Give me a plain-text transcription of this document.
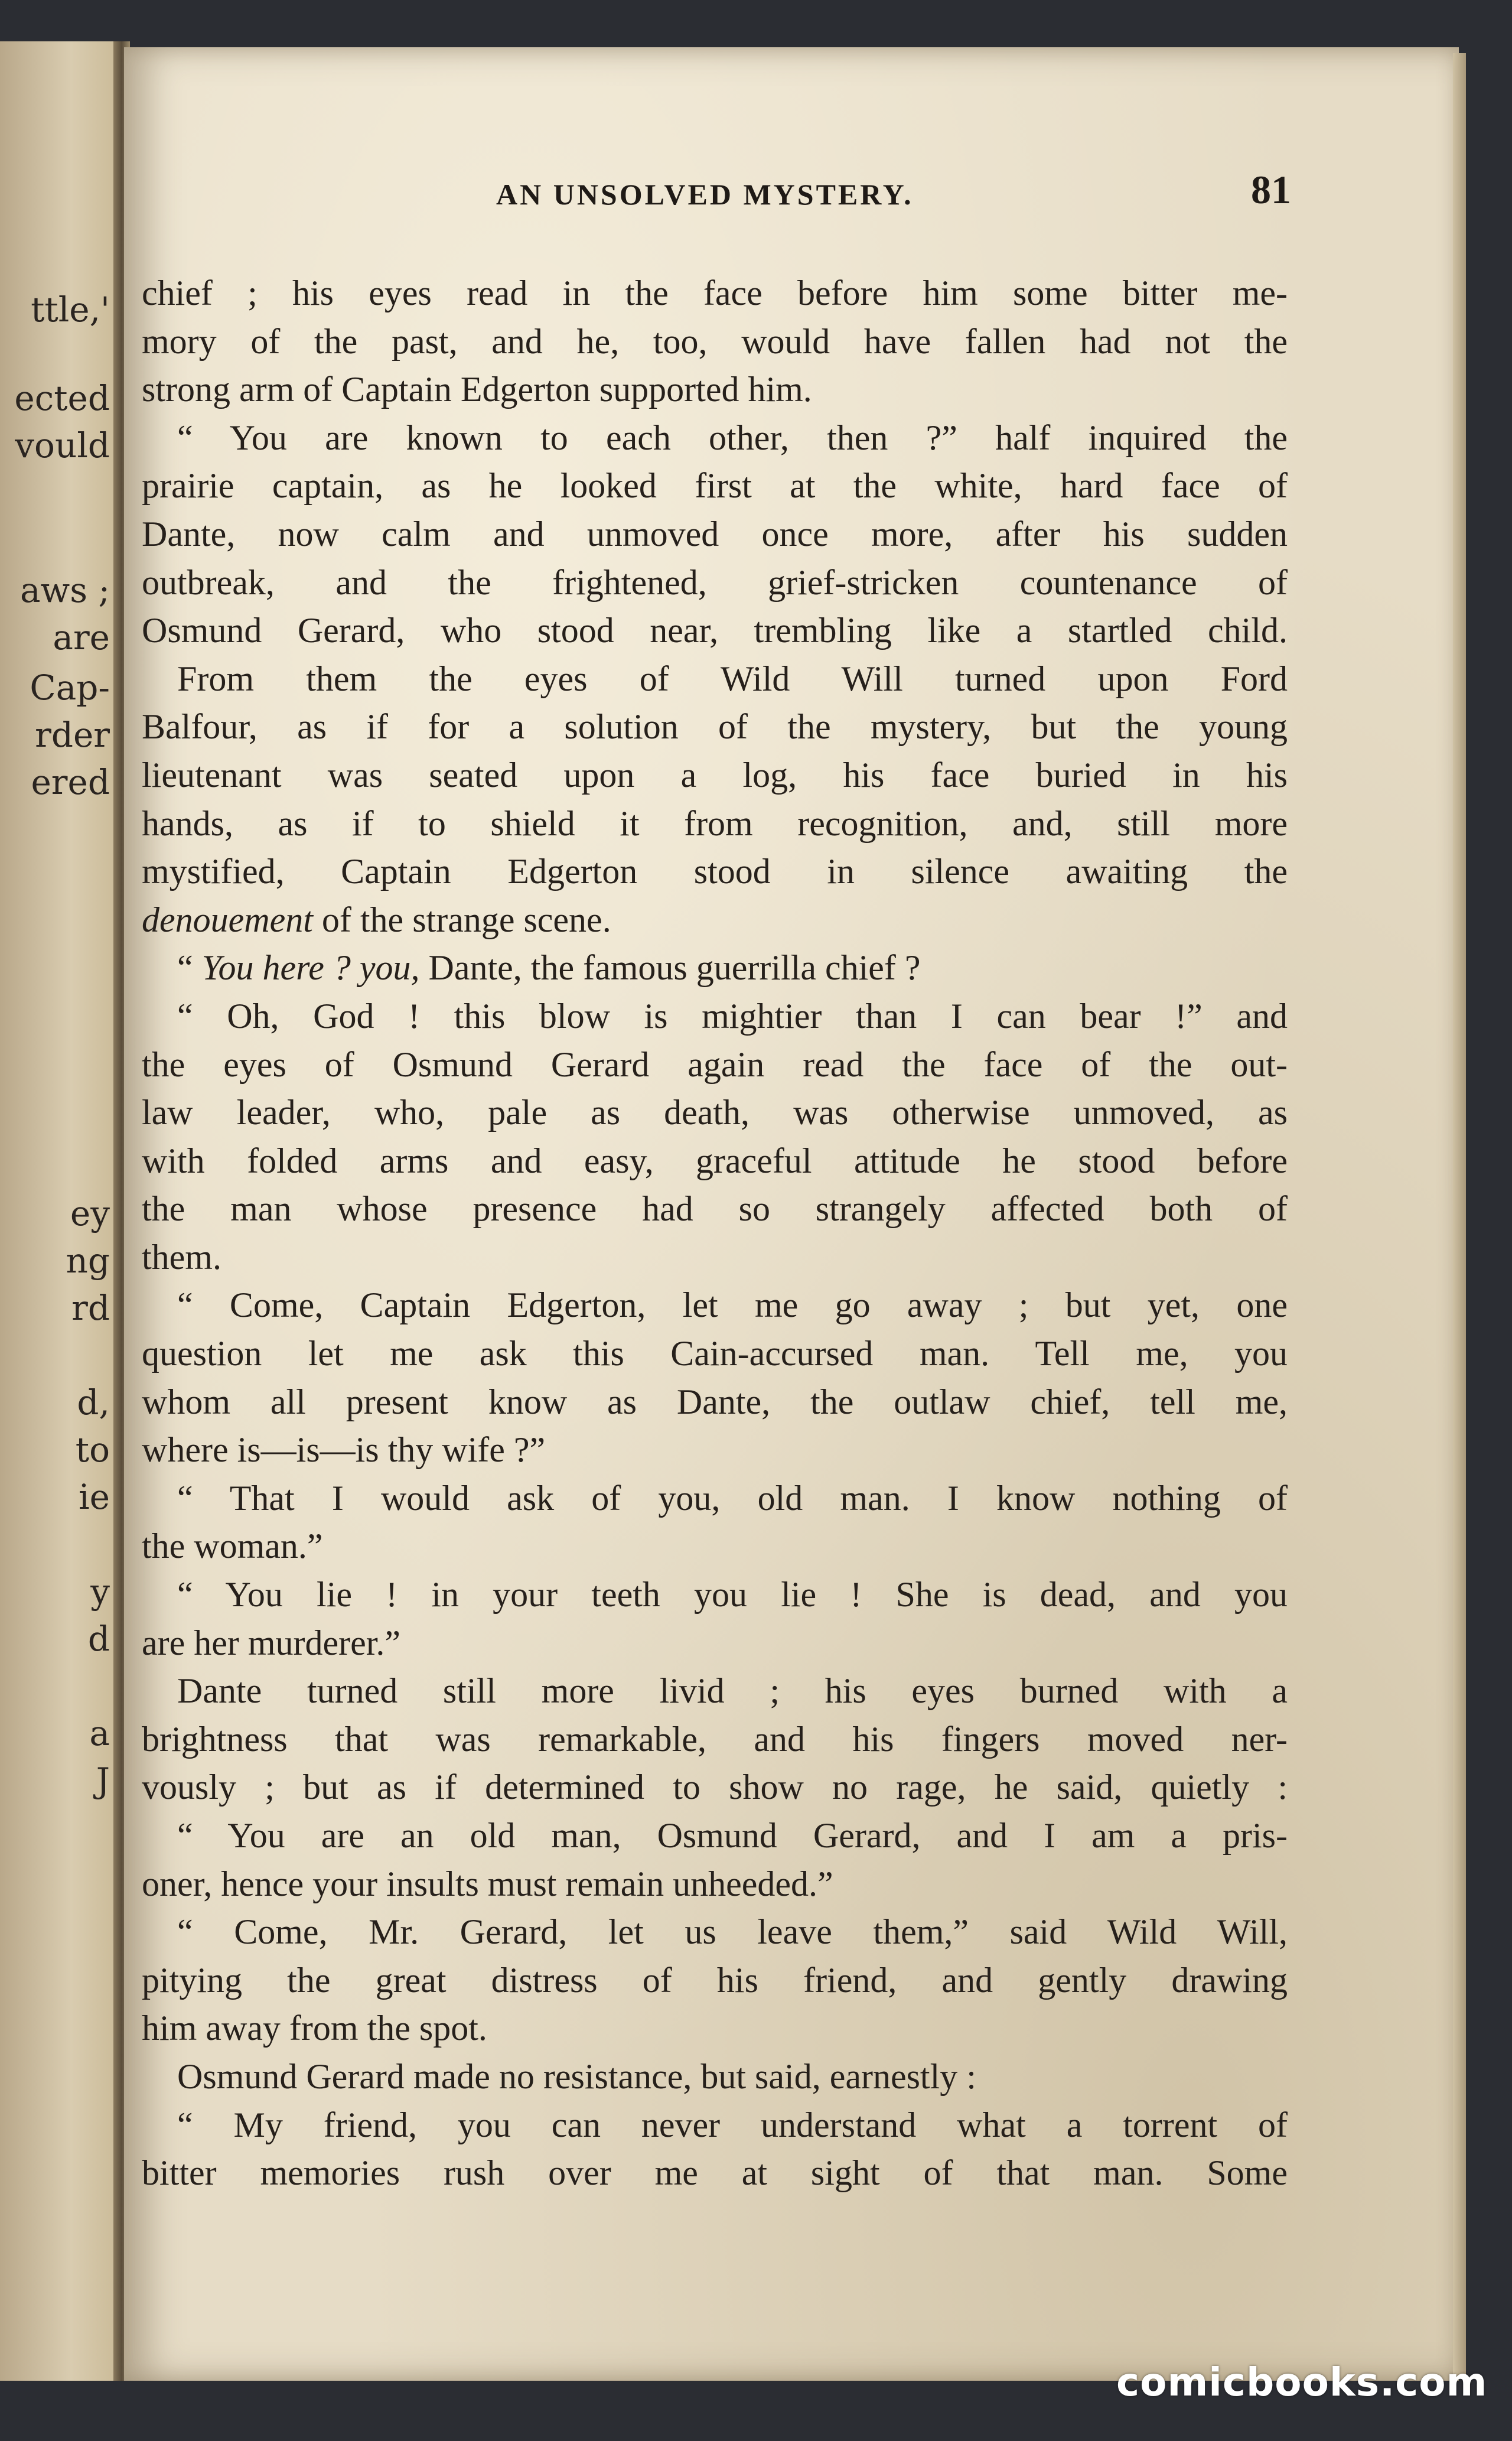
ttle,'
ected
vould
aws ;
are
Cap-
rder
ered
ey
ng
rd
d,
to
ie
y
d
a
J
AN UNSOLVED MYSTERY.	81
chief ; his eyes read in the face before him some bitter me-
mory of the past, and he, too, would have fallen had not the
strong arm of Captain Edgerton supported him.
“ You are known to each other, then ?” half inquired the
prairie captain, as he looked first at the white, hard face of
Dante, now calm and unmoved once more, after his sudden
outbreak, and the frightened, grief-stricken countenance of
Osmund Gerard, who stood near, trembling like a startled child.
From them the eyes of Wild Will turned upon Ford
Balfour, as if for a solution of the mystery, but the young
lieutenant was seated upon a log, his face buried in his
hands, as if to shield it from recognition, and, still more
mystified, Captain Edgerton stood in silence awaiting the
denouement of the strange scene.
“ You here ? you, Dante, the famous guerrilla chief ?
“ Oh, God ! this blow is mightier than I can bear !” and
the eyes of Osmund Gerard again read the face of the out-
law leader, who, pale as death, was otherwise unmoved, as
with folded arms and easy, graceful attitude he stood before
the man whose presence had so strangely affected both of
them.
“ Come, Captain Edgerton, let me go away ; but yet, one
question let me ask this Cain-accursed man. Tell me, you
whom all present know as Dante, the outlaw chief, tell me,
where is—is—is thy wife ?”
“ That I would ask of you, old man. I know nothing of
the woman.”
“ You lie ! in your teeth you lie ! She is dead, and you
are her murderer.”
Dante turned still more livid ; his eyes burned with a
brightness that was remarkable, and his fingers moved ner-
vously ; but as if determined to show no rage, he said, quietly :
“ You are an old man, Osmund Gerard, and I am a pris-
oner, hence your insults must remain unheeded.”
“ Come, Mr. Gerard, let us leave them,” said Wild Will,
pitying the great distress of his friend, and gently drawing
him away from the spot.
Osmund Gerard made no resistance, but said, earnestly :
“ My friend, you can never understand what a torrent of
bitter memories rush over me at sight of that man. Some
comicbooks.com
